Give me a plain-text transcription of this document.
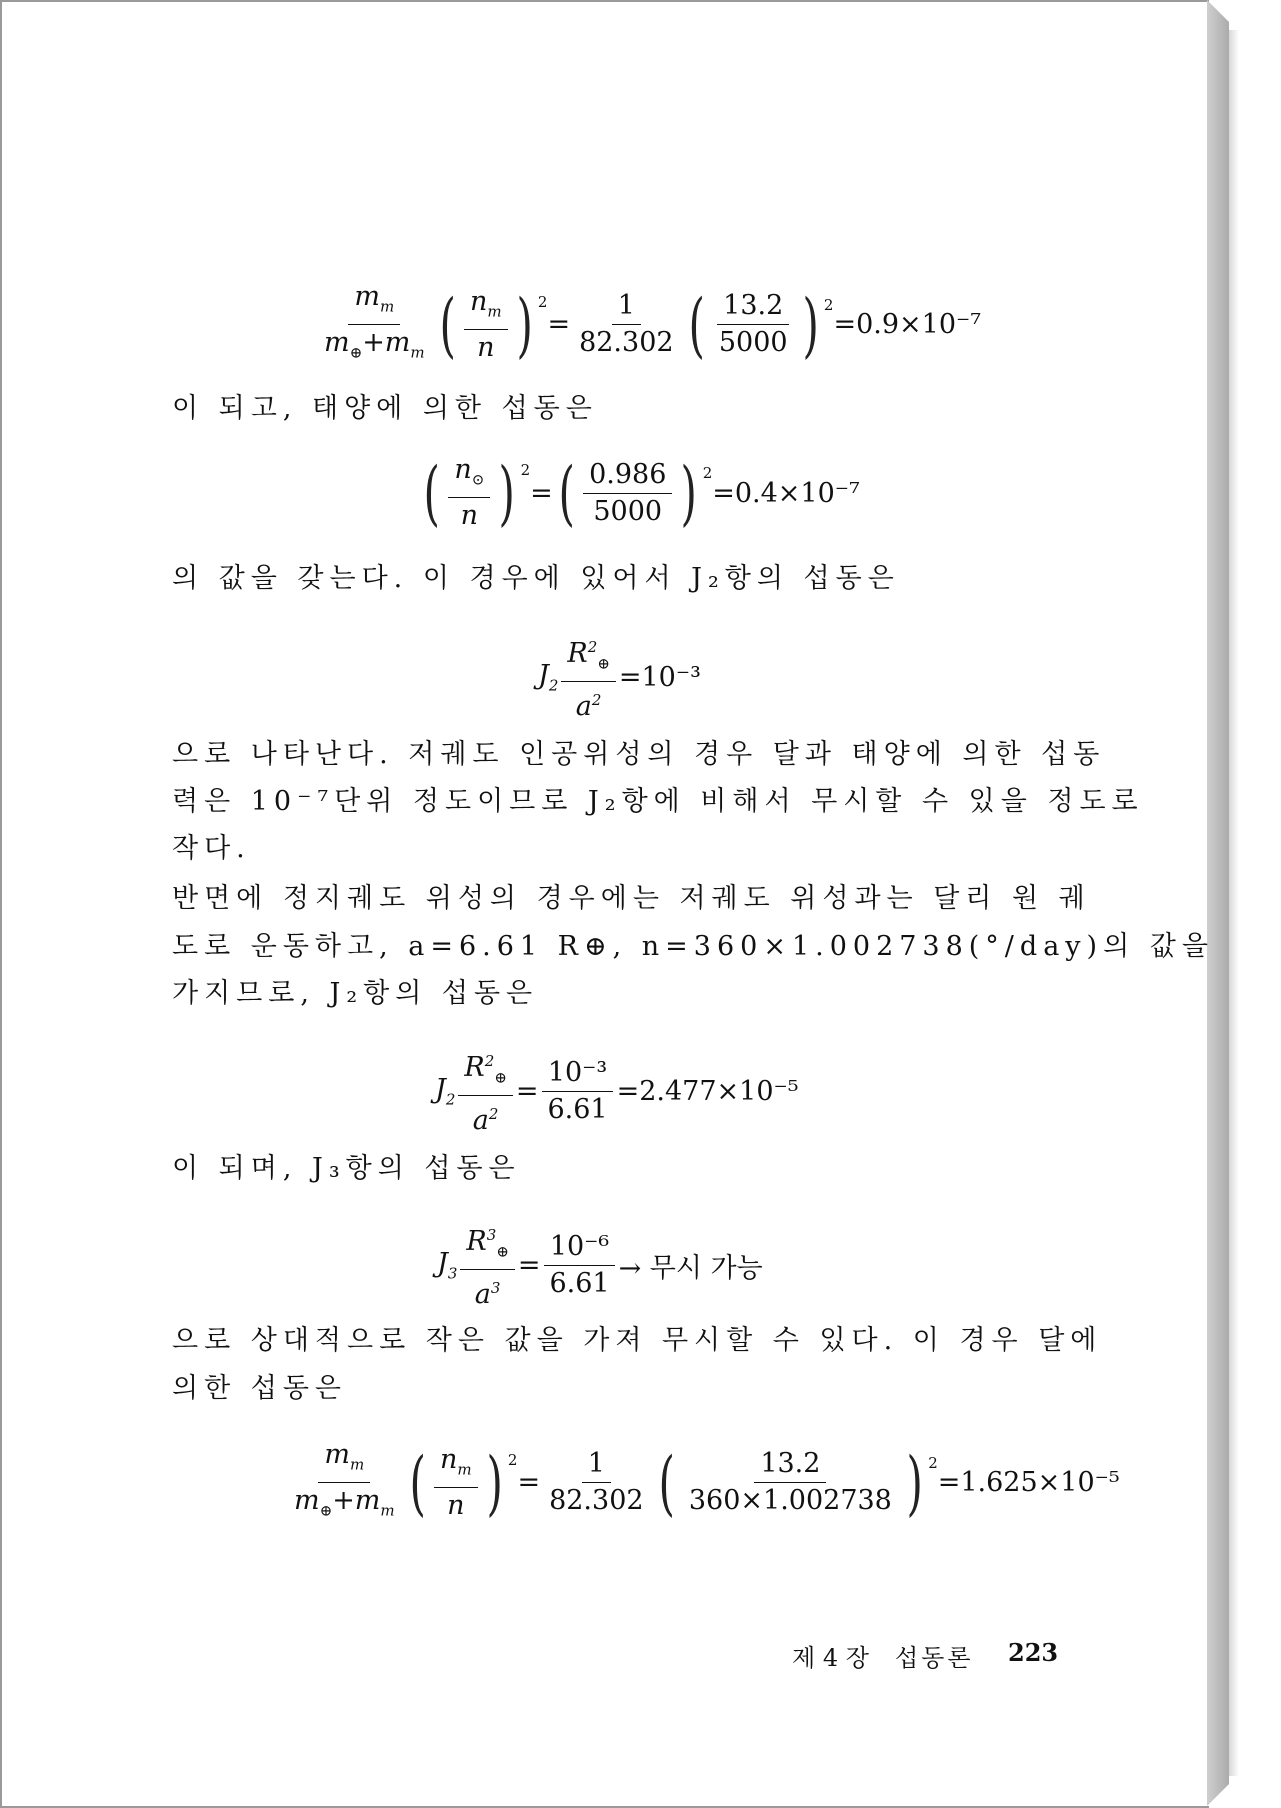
$\frac{m_m}{m_\oplus+m_m}$ ( $\frac{n_m}{n}$ ) $^2$
= $\frac{1}{82.302}$ ( $\frac{13.2}{5000}$ ) $^2$
=0.9×10⁻⁷
이 되고, 태양에 의한 섭동은
( $\frac{n_⊙}{n}$ ) $^2$
= ( $\frac{0.986}{5000}$ ) $^2$
=0.4×10⁻⁷
의 값을 갖는다. 이 경우에 있어서 J₂항의 섭동은
$J_2 \frac{R^2_\oplus}{a^2} =10^{-3}$
으로 나타난다. 저궤도 인공위성의 경우 달과 태양에 의한 섭동
력은 10⁻⁷단위 정도이므로 J₂항에 비해서 무시할 수 있을 정도로
작다.
반면에 정지궤도 위성의 경우에는 저궤도 위성과는 달리 원 궤
도로 운동하고, a=6.61 R⊕, n=360×1.002738(°/day)의 값을
가지므로, J₂항의 섭동은
$J_2 \frac{R^2_\oplus}{a^2} = \frac{\text{10⁻³}}{6.61} =2.477\times 10^{-5}$
이 되며, J₃항의 섭동은
$J_3 \frac{R^3_\oplus}{a^3} = \frac{\text{10⁻⁶}}{6.61}$ → 무시 가능
으로 상대적으로 작은 값을 가져 무시할 수 있다. 이 경우 달에
의한 섭동은
$\frac{m_m}{m_\oplus+m_m}$ ( $\frac{n_m}{n}$ ) $^2$
= $\frac{1}{82.302}$ ( $\frac{13.2}{360\times 1.002738}$ ) $^2$
=1.625×10⁻⁵
제 4 장 섭동론 223
